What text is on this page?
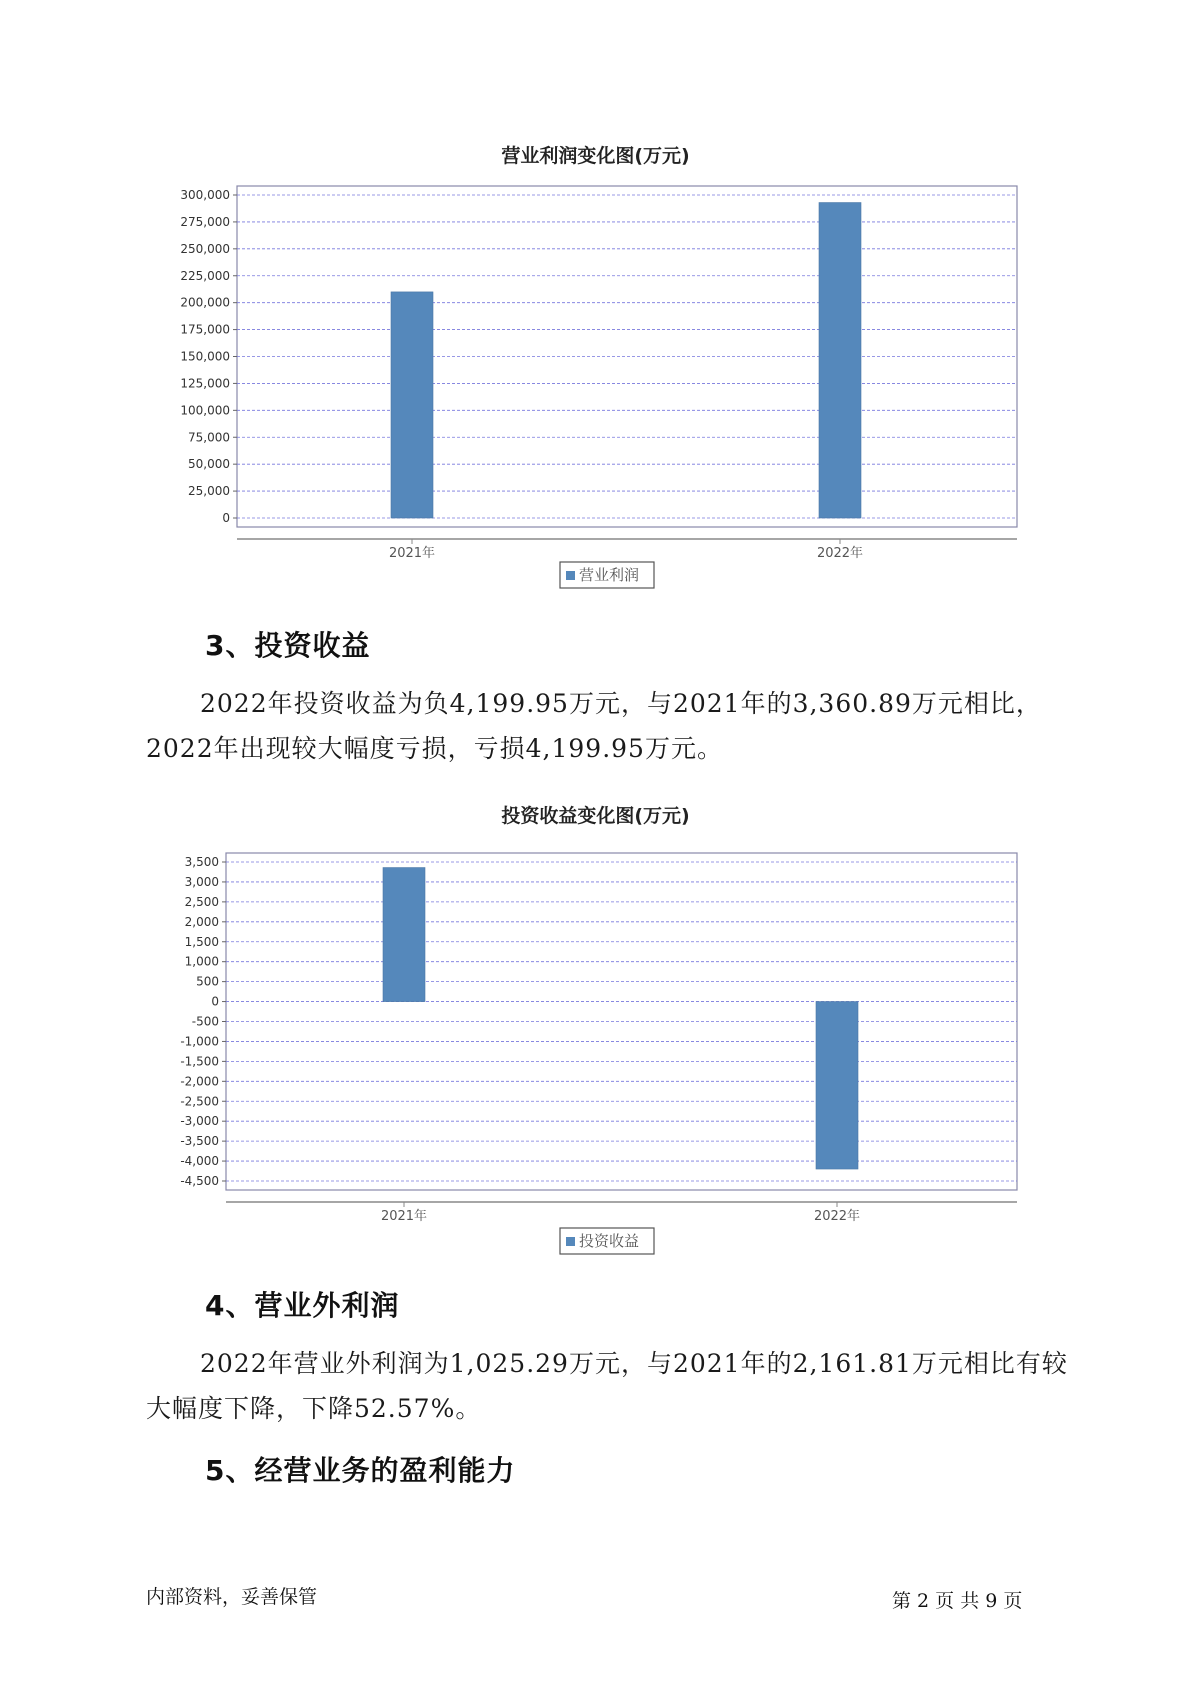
营业利润变化图(万元)
0
25,000
50,000
75,000
100,000
125,000
150,000
175,000
200,000
225,000
250,000
275,000
300,000
2021年	2022年
营业利润
3、投资收益

2022年投资收益为负4,199.95万元，与2021年的3,360.89万元相比，2022年出现较大幅度亏损，亏损4,199.95万元。

投资收益变化图(万元)
-4,500
-4,000
-3,500
-3,000
-2,500
-2,000
-1,500
-1,000
-500
0
500
1,000
1,500
2,000
2,500
3,000
3,500
2021年	2022年
投资收益
4、营业外利润

2022年营业外利润为1,025.29万元，与2021年的2,161.81万元相比有较大幅度下降，下降52.57%。

5、经营业务的盈利能力
内部资料，妥善保管	第 2 页 共 9 页
